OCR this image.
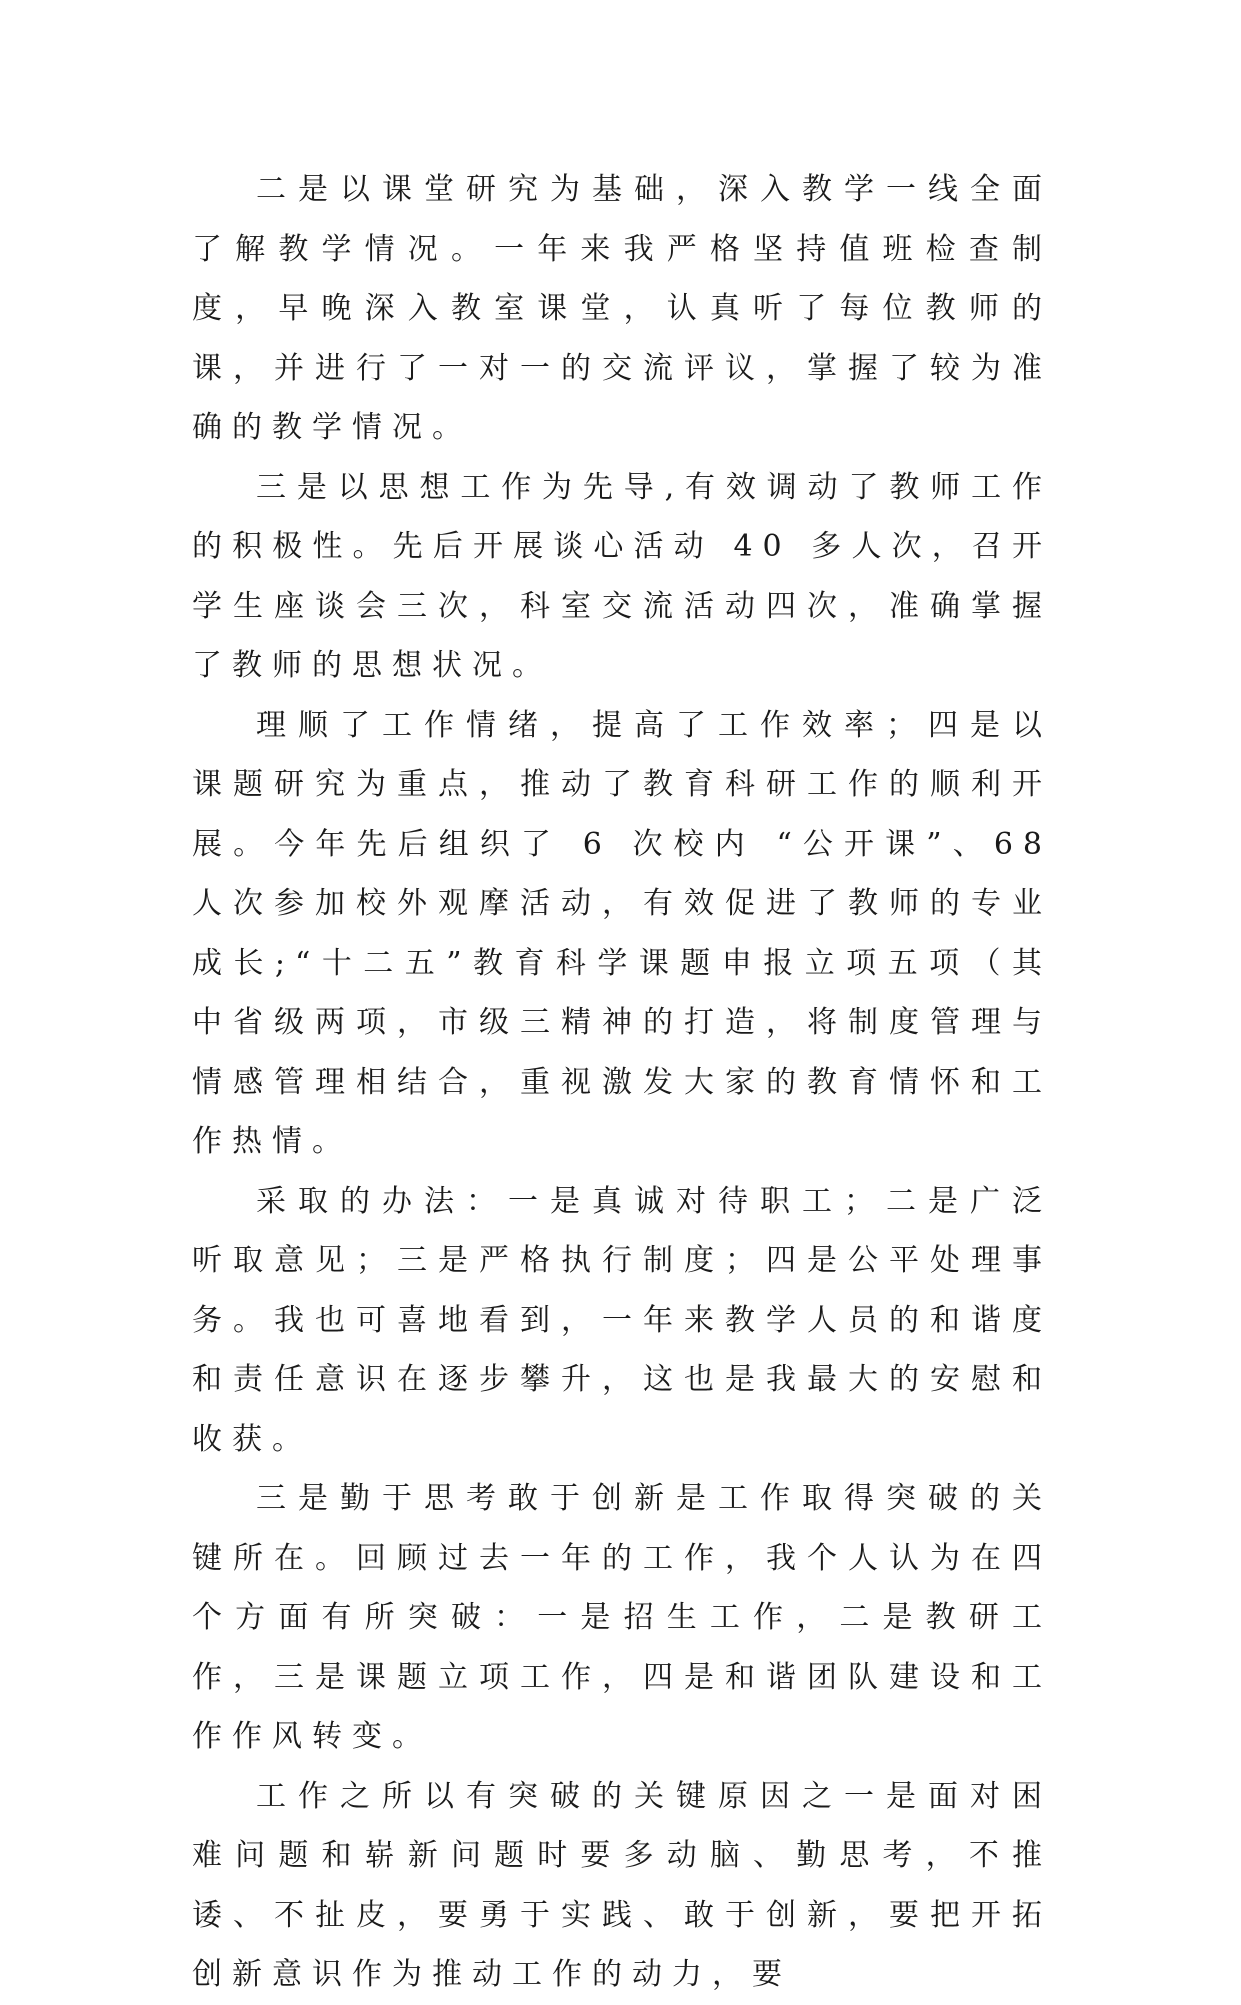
二是以课堂研究为基础，深入教学一线全面了解教学情况。一年来我严格坚持值班检查制度，早晚深入教室课堂，认真听了每位教师的课，并进行了一对一的交流评议，掌握了较为准确的教学情况。

三是以思想工作为先导,有效调动了教师工作的积极性。先后开展谈心活动 40 多人次，召开学生座谈会三次，科室交流活动四次，准确掌握了教师的思想状况。

理顺了工作情绪，提高了工作效率；四是以课题研究为重点，推动了教育科研工作的顺利开展。今年先后组织了 6 次校内 “公开课”、68 人次参加校外观摩活动，有效促进了教师的专业成长;“十二五”教育科学课题申报立项五项（其中省级两项，市级三精神的打造，将制度管理与情感管理相结合，重视激发大家的教育情怀和工作热情。

采取的办法：一是真诚对待职工；二是广泛听取意见；三是严格执行制度；四是公平处理事务。我也可喜地看到，一年来教学人员的和谐度和责任意识在逐步攀升，这也是我最大的安慰和收获。

三是勤于思考敢于创新是工作取得突破的关键所在。回顾过去一年的工作，我个人认为在四个方面有所突破：一是招生工作，二是教研工作，三是课题立项工作，四是和谐团队建设和工作作风转变。

工作之所以有突破的关键原因之一是面对困难问题和崭新问题时要多动脑、勤思考，不推诿、不扯皮，要勇于实践、敢于创新，要把开拓创新意识作为推动工作的动力，要
